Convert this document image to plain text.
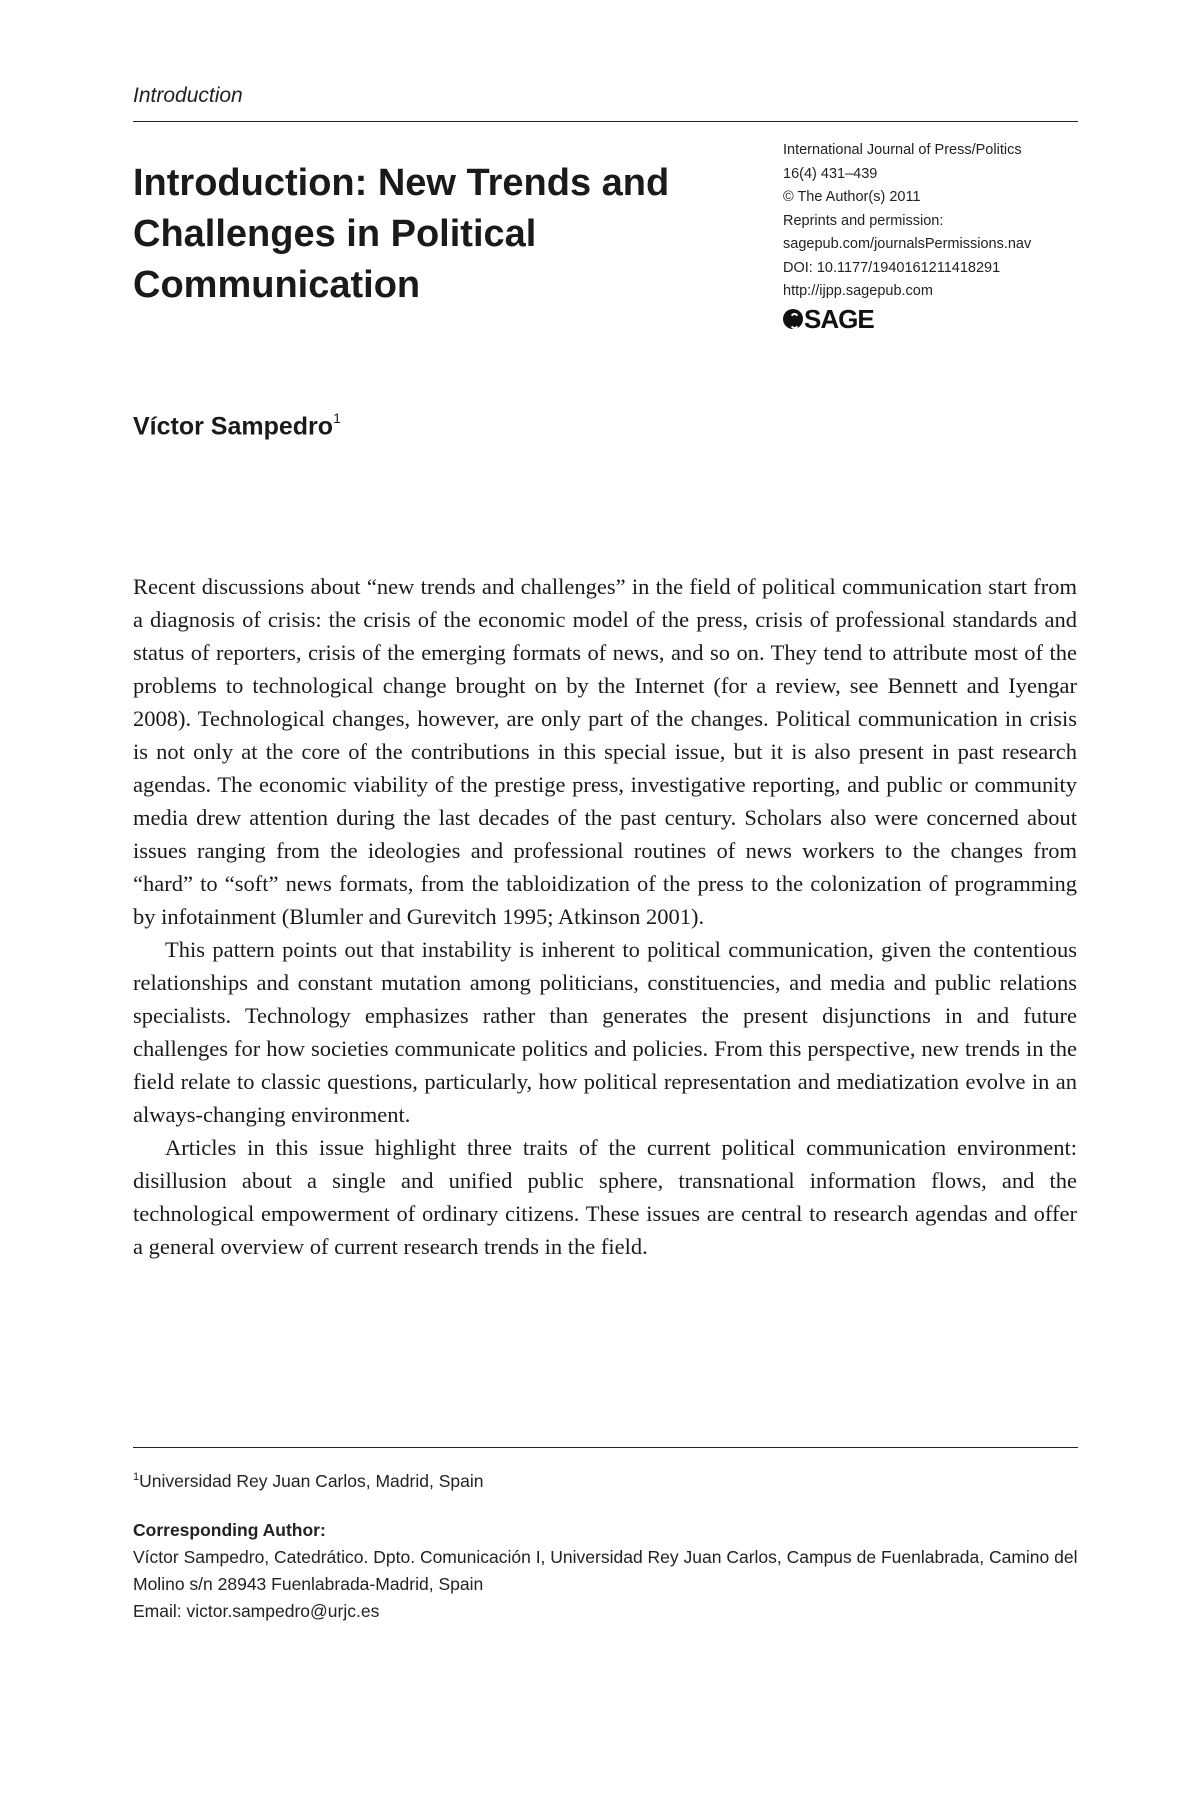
Introduction
Introduction: New Trends and Challenges in Political Communication
International Journal of Press/Politics
16(4) 431–439
© The Author(s) 2011
Reprints and permission:
sagepub.com/journalsPermissions.nav
DOI: 10.1177/1940161211418291
http://ijpp.sagepub.com
SAGE
Víctor Sampedro$^1$

Recent discussions about “new trends and challenges” in the field of political communication start from a diagnosis of crisis: the crisis of the economic model of the press, crisis of professional standards and status of reporters, crisis of the emerging formats of news, and so on. They tend to attribute most of the problems to technological change brought on by the Internet (for a review, see Bennett and Iyengar 2008). Technological changes, however, are only part of the changes. Political communication in crisis is not only at the core of the contributions in this special issue, but it is also present in past research agendas. The economic viability of the prestige press, investigative reporting, and public or community media drew attention during the last decades of the past century. Scholars also were concerned about issues ranging from the ideologies and professional routines of news workers to the changes from “hard” to “soft” news formats, from the tabloidization of the press to the colonization of programming by infotainment (Blumler and Gurevitch 1995; Atkinson 2001).

This pattern points out that instability is inherent to political communication, given the contentious relationships and constant mutation among politicians, constituencies, and media and public relations specialists. Technology emphasizes rather than generates the present disjunctions in and future challenges for how societies communicate politics and policies. From this perspective, new trends in the field relate to classic questions, particularly, how political representation and mediatization evolve in an always-changing environment.

Articles in this issue highlight three traits of the current political communication environment: disillusion about a single and unified public sphere, transnational information flows, and the technological empowerment of ordinary citizens. These issues are central to research agendas and offer a general overview of current research trends in the field.

$^1$Universidad Rey Juan Carlos, Madrid, Spain
Corresponding Author:
Víctor Sampedro, Catedrático. Dpto. Comunicación I, Universidad Rey Juan Carlos, Campus de Fuenlabrada, Camino del Molino s/n 28943 Fuenlabrada-Madrid, Spain
Email: victor.sampedro@urjc.es
